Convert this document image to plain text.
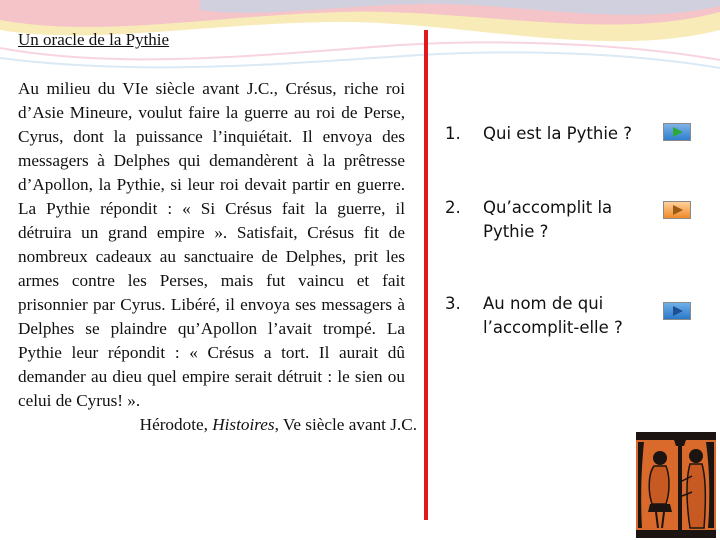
Un oracle de la Pythie

Au milieu du VIe siècle avant J.C., Crésus, riche roi d’Asie Mineure, voulut faire la guerre au roi de Perse, Cyrus, dont la puissance l’inquiétait. Il envoya des messagers à Delphes qui demandèrent à la prêtresse d’Apollon, la Pythie, si leur roi devait partir en guerre. La Pythie répondit : « Si Crésus fait la guerre, il détruira un grand empire ». Satisfait, Crésus fit de nombreux cadeaux au sanctuaire de Delphes, prit les armes contre les Perses, mais fut vaincu et fait prisonnier par Cyrus. Libéré, il envoya ses messagers à Delphes se plaindre qu’Apollon l’avait trompé. La Pythie leur répondit : « Crésus a tort. Il aurait dû demander au dieu quel empire serait détruit : le sien ou celui de Cyrus! ».
Hérodote, Histoires, Ve siècle avant J.C.

1. Qui est la Pythie ?
2. Qu’accomplit la Pythie ?
3. Au nom de qui l’accomplit-elle ?
